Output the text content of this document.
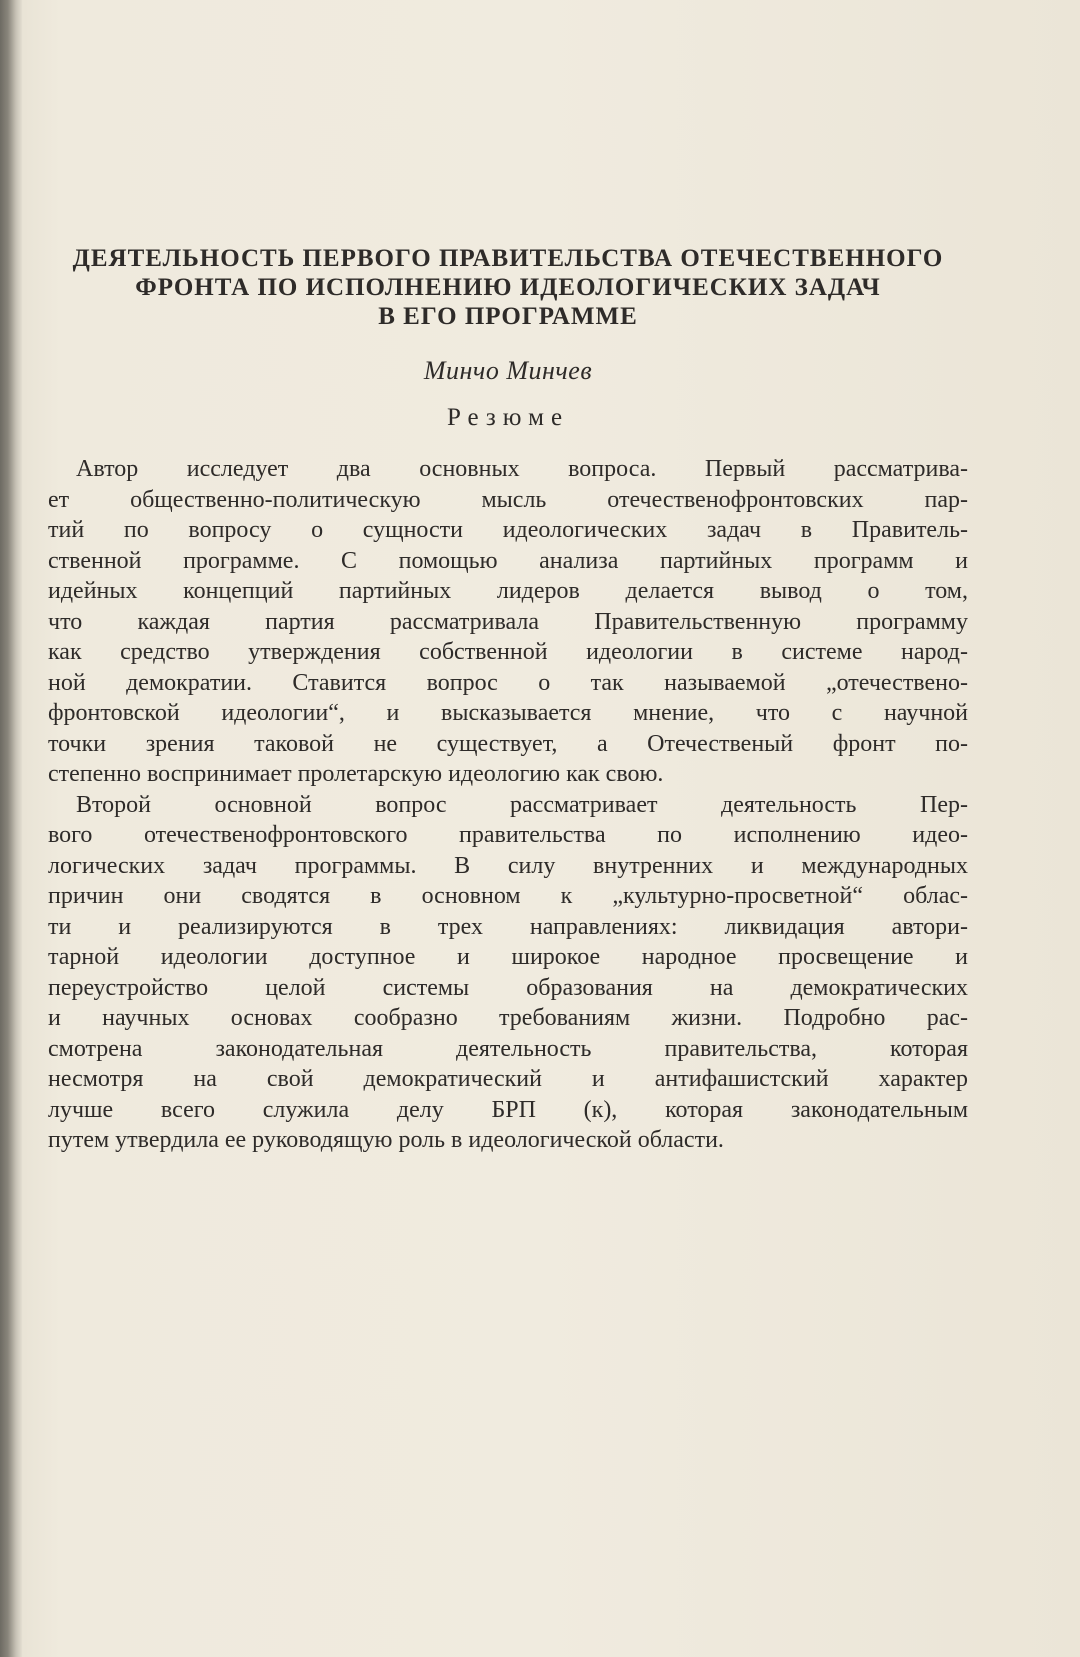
ДЕЯТЕЛЬНОСТЬ ПЕРВОГО ПРАВИТЕЛЬСТВА ОТЕЧЕСТВЕННОГО
ФРОНТА ПО ИСПОЛНЕНИЮ ИДЕОЛОГИЧЕСКИХ ЗАДАЧ
В ЕГО ПРОГРАММЕ
Минчо Минчев
Резюме
Автор исследует два основных вопроса. Первый рассматрива-
ет общественно-политическую мысль отечественофронтовских пар-
тий по вопросу о сущности идеологических задач в Правитель-
ственной программе. С помощью анализа партийных программ и
идейных концепций партийных лидеров делается вывод о том,
что каждая партия рассматривала Правительственную программу
как средство утверждения собственной идеологии в системе народ-
ной демократии. Ставится вопрос о так называемой „отечествено-
фронтовской идеологии“, и высказывается мнение, что с научной
точки зрения таковой не существует, а Отечественый фронт по-
степенно воспринимает пролетарскую идеологию как свою.
Второй основной вопрос рассматривает деятельность Пер-
вого отечественофронтовского правительства по исполнению идео-
логических задач программы. В силу внутренних и международных
причин они сводятся в основном к „культурно-просветной“ облас-
ти и реализируются в трех направлениях: ликвидация автори-
тарной идеологии доступное и широкое народное просвещение и
переустройство целой системы образования на демократических
и научных основах сообразно требованиям жизни. Подробно рас-
смотрена законодательная деятельность правительства, которая
несмотря на свой демократический и антифашистский характер
лучше всего служила делу БРП (к), которая законодательным
путем утвердила ее руководящую роль в идеологической области.
